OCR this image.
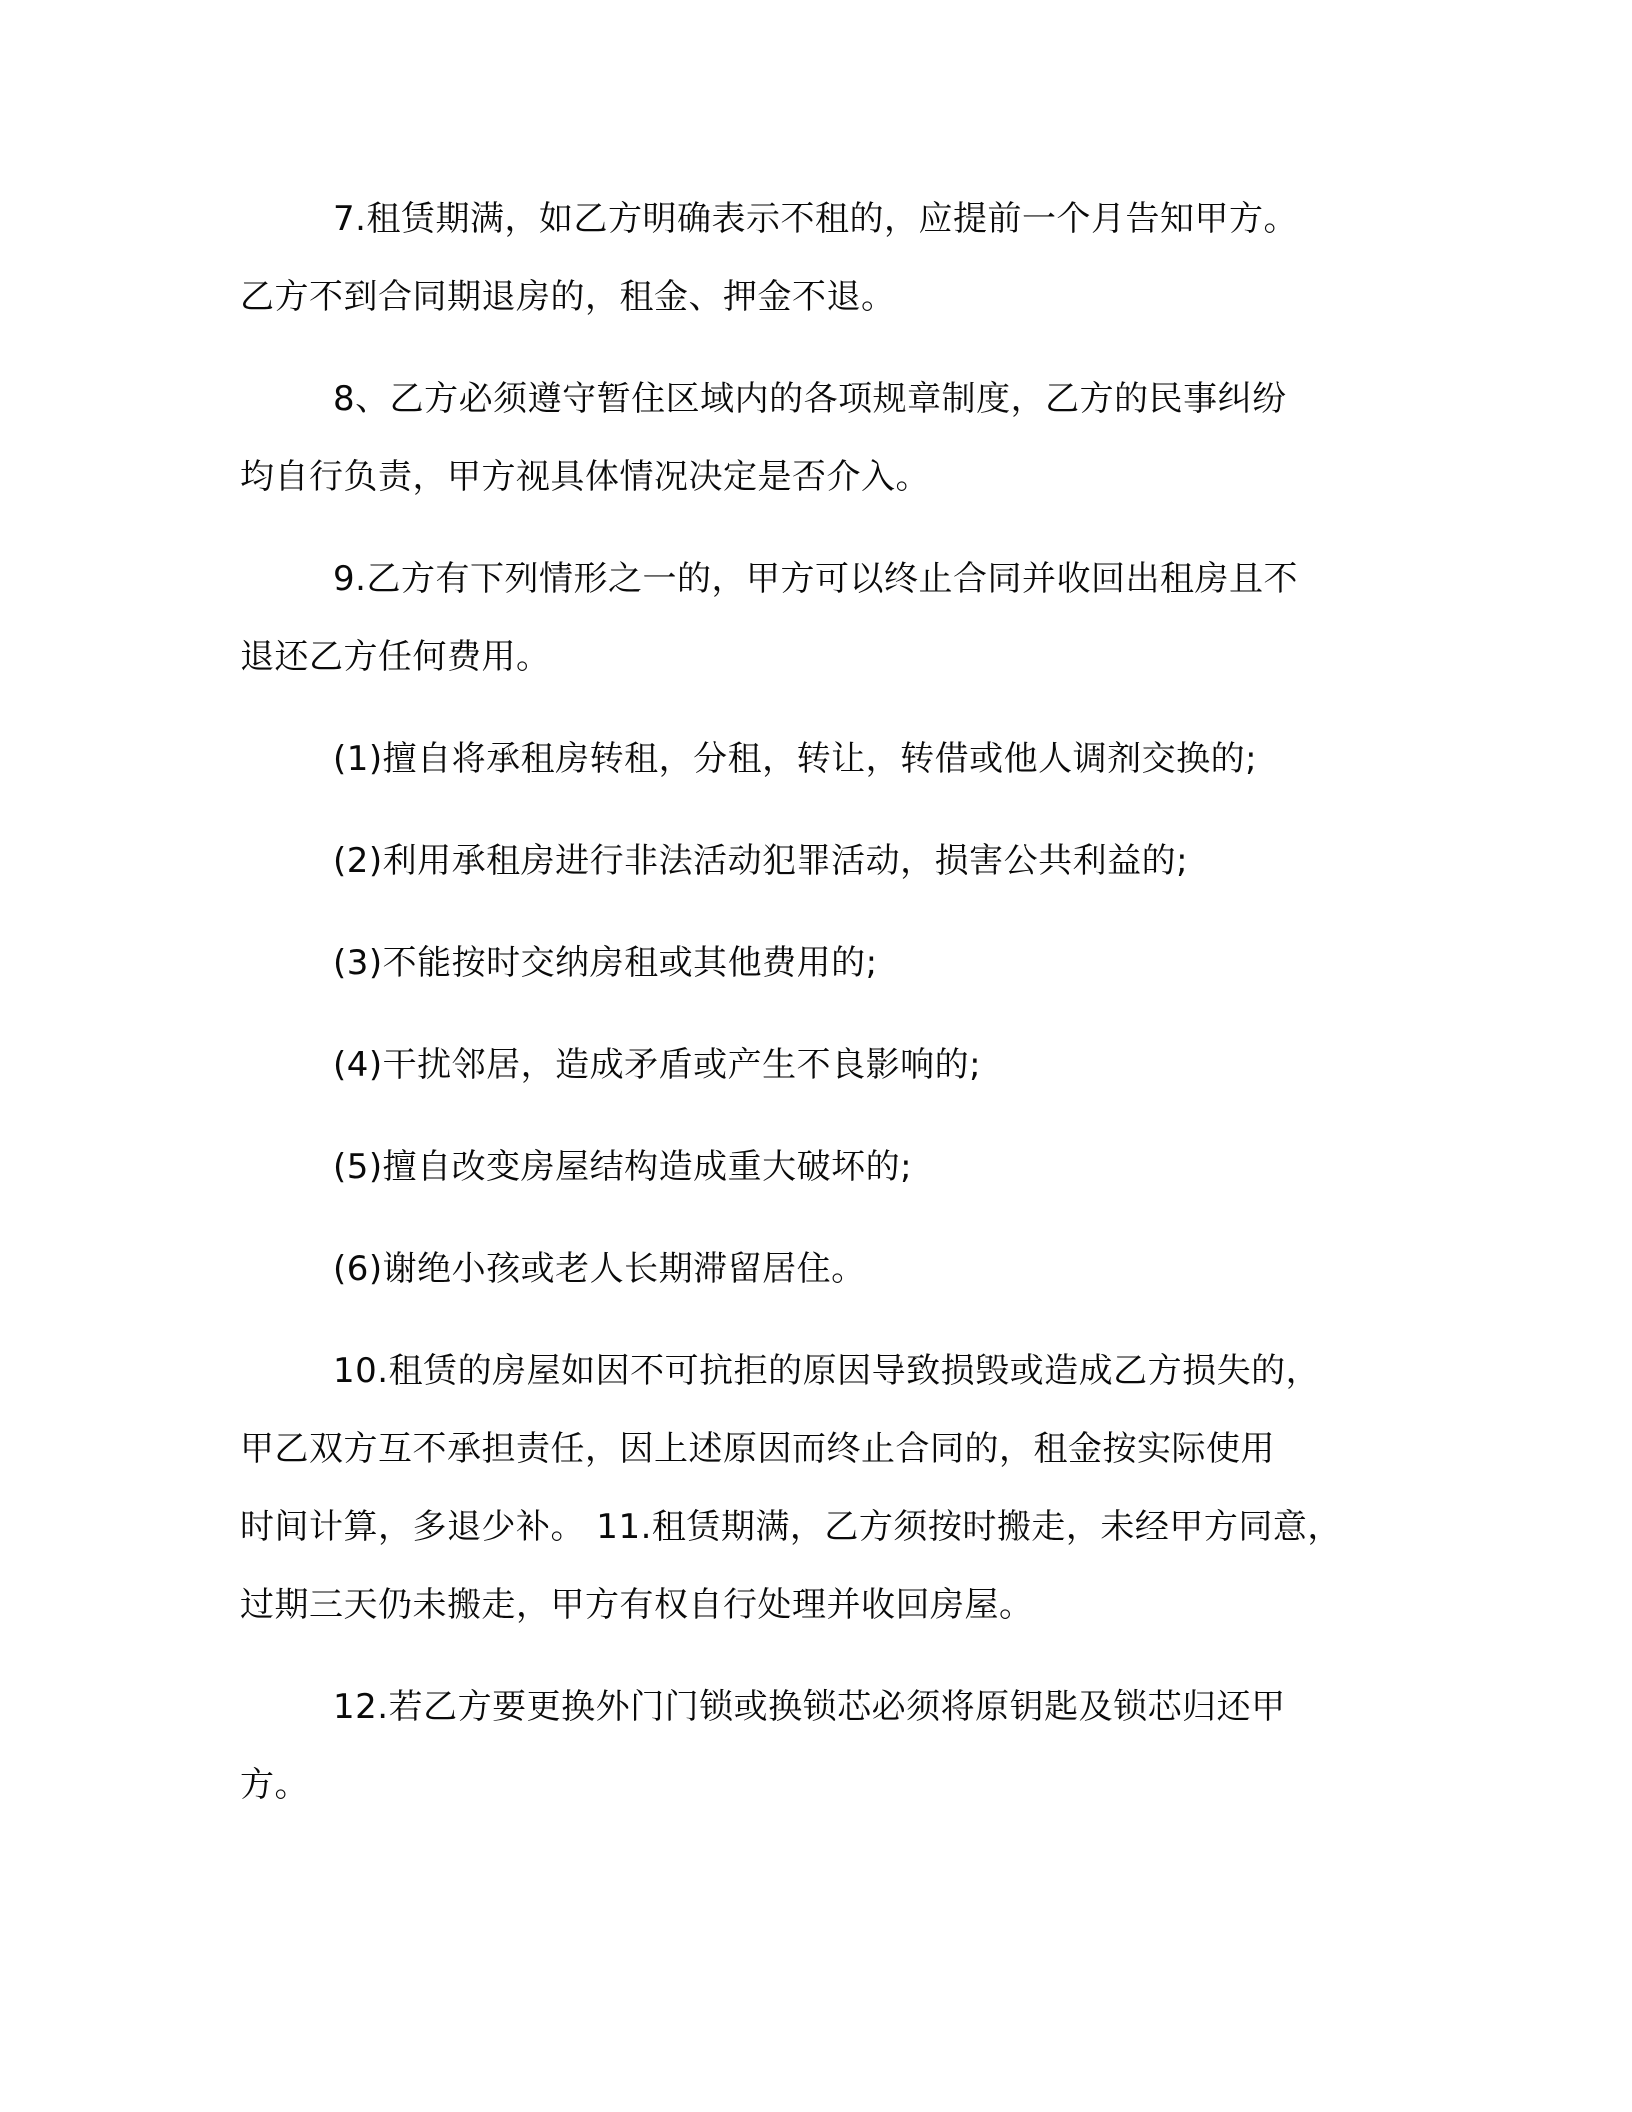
7.租赁期满，如乙方明确表示不租的，应提前一个月告知甲方。

乙方不到合同期退房的，租金、押金不退。

8、乙方必须遵守暂住区域内的各项规章制度，乙方的民事纠纷

均自行负责，甲方视具体情况决定是否介入。

9.乙方有下列情形之一的，甲方可以终止合同并收回出租房且不

退还乙方任何费用。

(1)擅自将承租房转租，分租，转让，转借或他人调剂交换的;

(2)利用承租房进行非法活动犯罪活动，损害公共利益的;

(3)不能按时交纳房租或其他费用的;

(4)干扰邻居，造成矛盾或产生不良影响的;

(5)擅自改变房屋结构造成重大破坏的;

(6)谢绝小孩或老人长期滞留居住。

10.租赁的房屋如因不可抗拒的原因导致损毁或造成乙方损失的，

甲乙双方互不承担责任，因上述原因而终止合同的，租金按实际使用

时间计算，多退少补。 11.租赁期满，乙方须按时搬走，未经甲方同意，

过期三天仍未搬走，甲方有权自行处理并收回房屋。

12.若乙方要更换外门门锁或换锁芯必须将原钥匙及锁芯归还甲

方。
